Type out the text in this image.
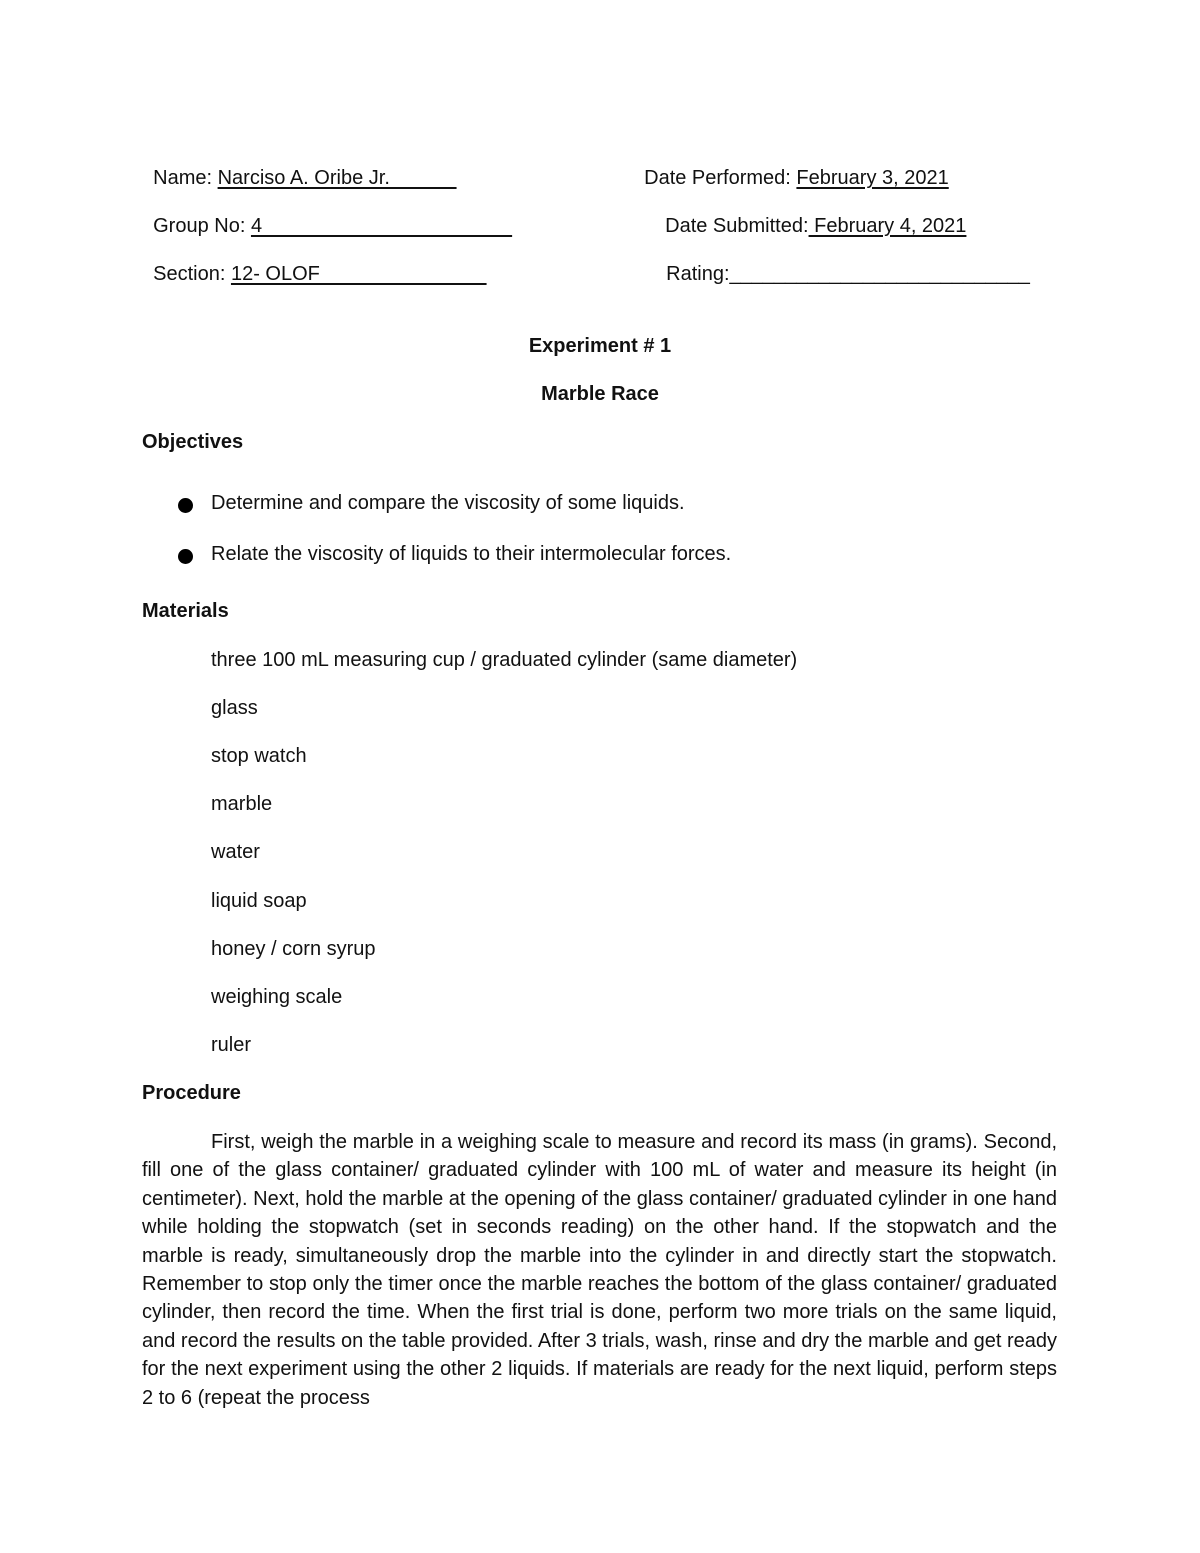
Name: Narciso A. Oribe Jr.	Date Performed: February 3, 2021

Group No: 4	Date Submitted: February 4, 2021

Section: 12- OLOF	Rating:___________________________

Experiment # 1
Marble Race
Objectives
Determine and compare the viscosity of some liquids.
Relate the viscosity of liquids to their intermolecular forces.
Materials
three 100 mL measuring cup / graduated cylinder (same diameter)
glass
stop watch
marble
water
liquid soap
honey / corn syrup
weighing scale
ruler
Procedure

First, weigh the marble in a weighing scale to measure and record its mass (in grams). Second, fill one of the glass container/ graduated cylinder with 100 mL of water and measure its height (in centimeter). Next, hold the marble at the opening of the glass container/ graduated cylinder in one hand while holding the stopwatch (set in seconds reading) on the other hand. If the stopwatch and the marble is ready, simultaneously drop the marble into the cylinder in and directly start the stopwatch. Remember to stop only the timer once the marble reaches the bottom of the glass container/ graduated cylinder, then record the time. When the first trial is done, perform two more trials on the same liquid, and record the results on the table provided. After 3 trials, wash, rinse and dry the marble and get ready for the next experiment using the other 2 liquids. If materials are ready for the next liquid, perform steps 2 to 6 (repeat the process
